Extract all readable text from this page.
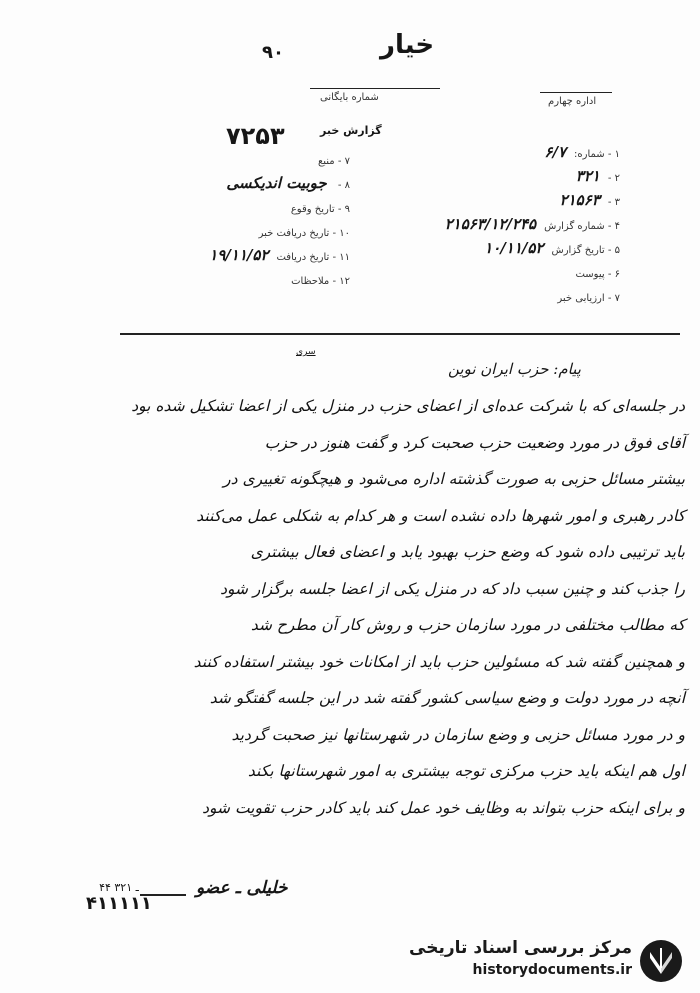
خیار
۹۰
شماره بایگانی	اداره چهارم
گزارش خبر
۷۲۵۳
۱ - شماره:۶/۷
۲ -۳۲۱
۳ -۲۱۵۶۳
۴ - شماره گزارش۲۱۵۶۳/۱۲/۲۴۵
۵ - تاریخ گزارش۱۰/۱۱/۵۲
۶ - پیوست
۷ - ارزیابی خبر
۷ - منبع
۸ - جوبیت اندیکسی
۹ - تاریخ وقوع
۱۰ - تاریخ دریافت خبر
۱۱ - تاریخ دریافت۱۹/۱۱/۵۲
۱۲ - ملاحظات
سری
پیام: حزب ایران نوین

در جلسه‌ای که با شرکت عده‌ای از اعضای حزب در منزل یکی از اعضا تشکیل شده بود

آقای فوق در مورد وضعیت حزب صحبت کرد و گفت هنوز در حزب

بیشتر مسائل حزبی به صورت گذشته اداره می‌شود و هیچگونه تغییری در

کادر رهبری و امور شهرها داده نشده است و هر کدام به شکلی عمل می‌کنند

باید ترتیبی داده شود که وضع حزب بهبود یابد و اعضای فعال بیشتری

را جذب کند و چنین سبب داد که در منزل یکی از اعضا جلسه برگزار شود

که مطالب مختلفی در مورد سازمان حزب و روش کار آن مطرح شد

و همچنین گفته شد که مسئولین حزب باید از امکانات خود بیشتر استفاده کنند

آنچه در مورد دولت و وضع سیاسی کشور گفته شد در این جلسه گفتگو شد

و در مورد مسائل حزبی و وضع سازمان در شهرستانها نیز صحبت گردید

اول هم اینکه باید حزب مرکزی توجه بیشتری به امور شهرستانها بکند

و برای اینکه حزب بتواند به وظایف خود عمل کند باید کادر حزب تقویت شود

خلیلی ـ عضو
۴۴ ـ ۳۲۱
۴۱۱۱۱۱
مرکز بررسی اسناد تاریخی
historydocuments.ir
